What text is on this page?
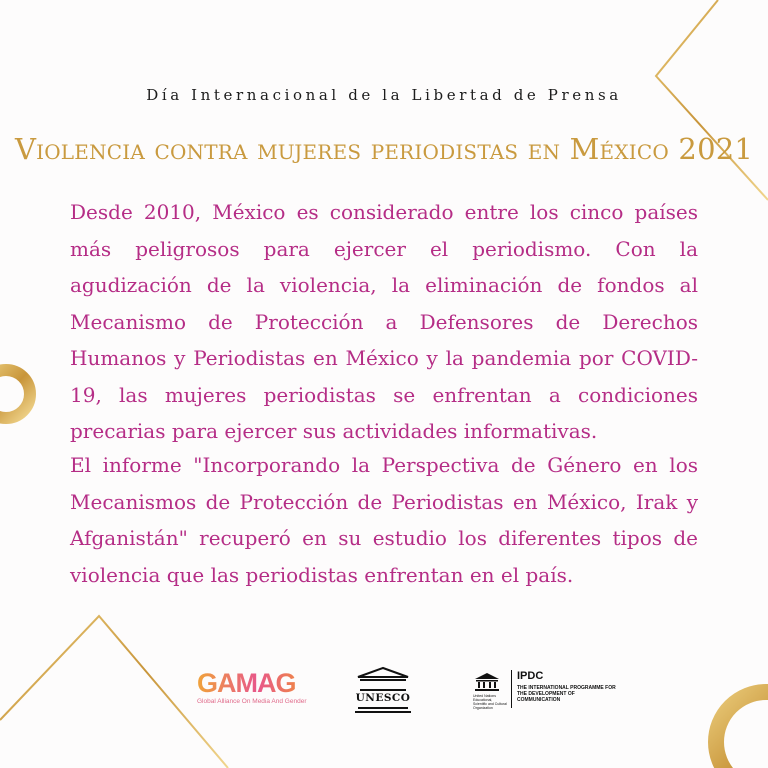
Día Internacional de la Libertad de Prensa
Violencia contra mujeres periodistas en México 2021

Desde 2010, México es considerado entre los cinco países más peligrosos para ejercer el periodismo. Con la agudización de la violencia, la eliminación de fondos al Mecanismo de Protección a Defensores de Derechos Humanos y Periodistas en México y la pandemia por COVID-19, las mujeres periodistas se enfrentan a condiciones precarias para ejercer sus actividades informativas.

El informe "Incorporando la Perspectiva de Género en los Mecanismos de Protección de Periodistas en México, Irak y Afganistán" recuperó en su estudio los diferentes tipos de violencia que las periodistas enfrentan en el país.

GAMAG
Global Alliance On Media And Gender	UNESCO	United Nations Educational, Scientific and Cultural Organization
IPDC
THE INTERNATIONAL PROGRAMME FOR THE DEVELOPMENT OF COMMUNICATION
